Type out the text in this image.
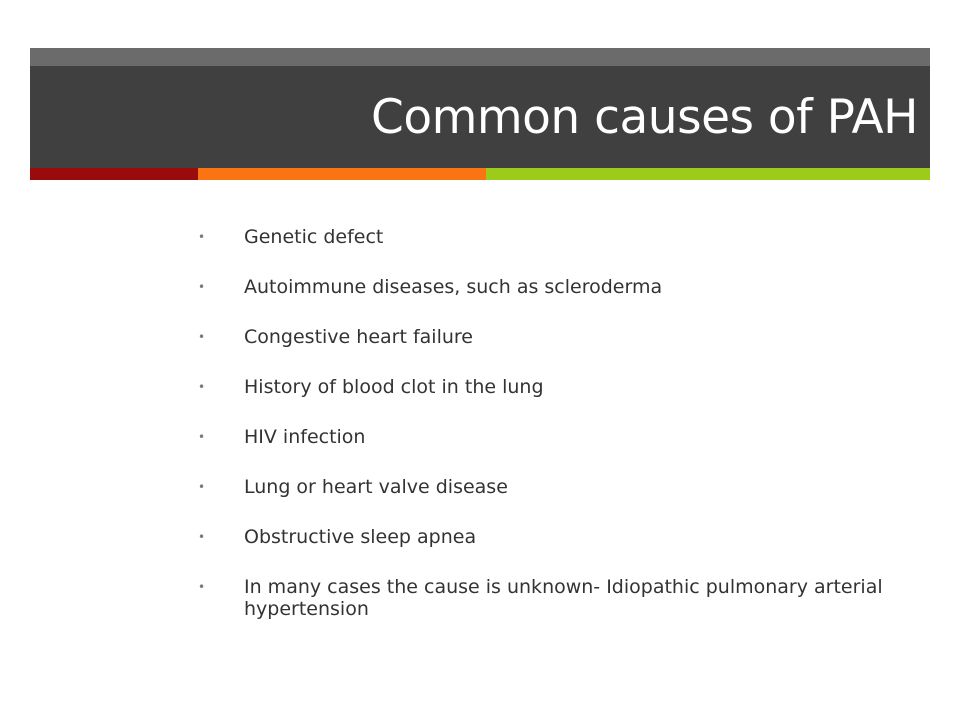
Common causes of PAH
• Genetic defect
• Autoimmune diseases, such as scleroderma
• Congestive heart failure
• History of blood clot in the lung
• HIV infection
• Lung or heart valve disease
• Obstructive sleep apnea
• In many cases the cause is unknown- Idiopathic pulmonary arterial hypertension
